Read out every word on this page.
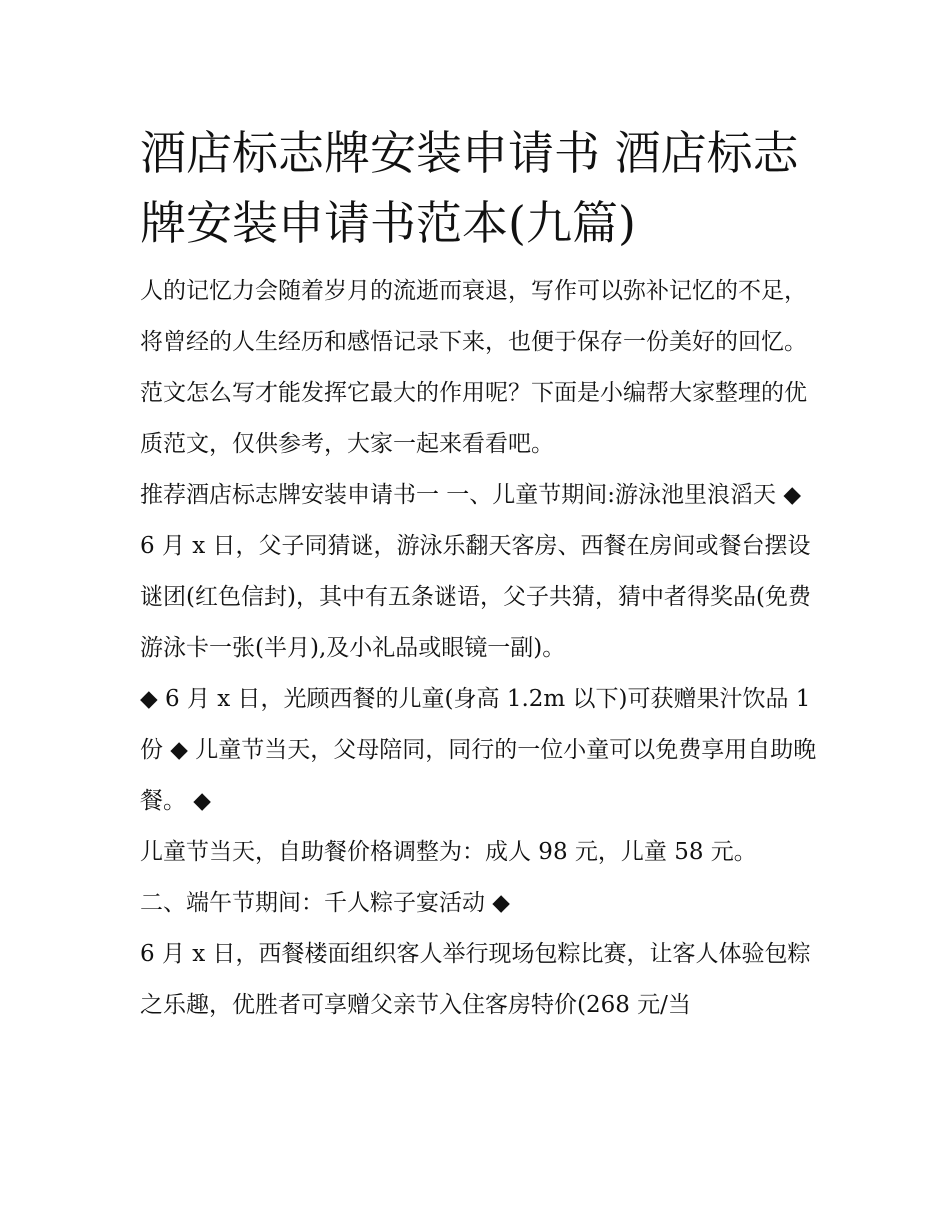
酒店标志牌安装申请书 酒店标志牌安装申请书范本(九篇)

人的记忆力会随着岁月的流逝而衰退，写作可以弥补记忆的不足，将曾经的人生经历和感悟记录下来，也便于保存一份美好的回忆。范文怎么写才能发挥它最大的作用呢？下面是小编帮大家整理的优质范文，仅供参考，大家一起来看看吧。

推荐酒店标志牌安装申请书一 一、儿童节期间:游泳池里浪滔天 ◆

6 月 x 日，父子同猜谜，游泳乐翻天客房、西餐在房间或餐台摆设谜团(红色信封)，其中有五条谜语，父子共猜，猜中者得奖品(免费游泳卡一张(半月),及小礼品或眼镜一副)。

◆ 6 月 x 日，光顾西餐的儿童(身高 1.2m 以下)可获赠果汁饮品 1 份 ◆ 儿童节当天，父母陪同，同行的一位小童可以免费享用自助晚餐。 ◆

儿童节当天，自助餐价格调整为：成人 98 元，儿童 58 元。

二、端午节期间：千人粽子宴活动 ◆

6 月 x 日，西餐楼面组织客人举行现场包粽比赛，让客人体验包粽之乐趣，优胜者可享赠父亲节入住客房特价(268 元/当
